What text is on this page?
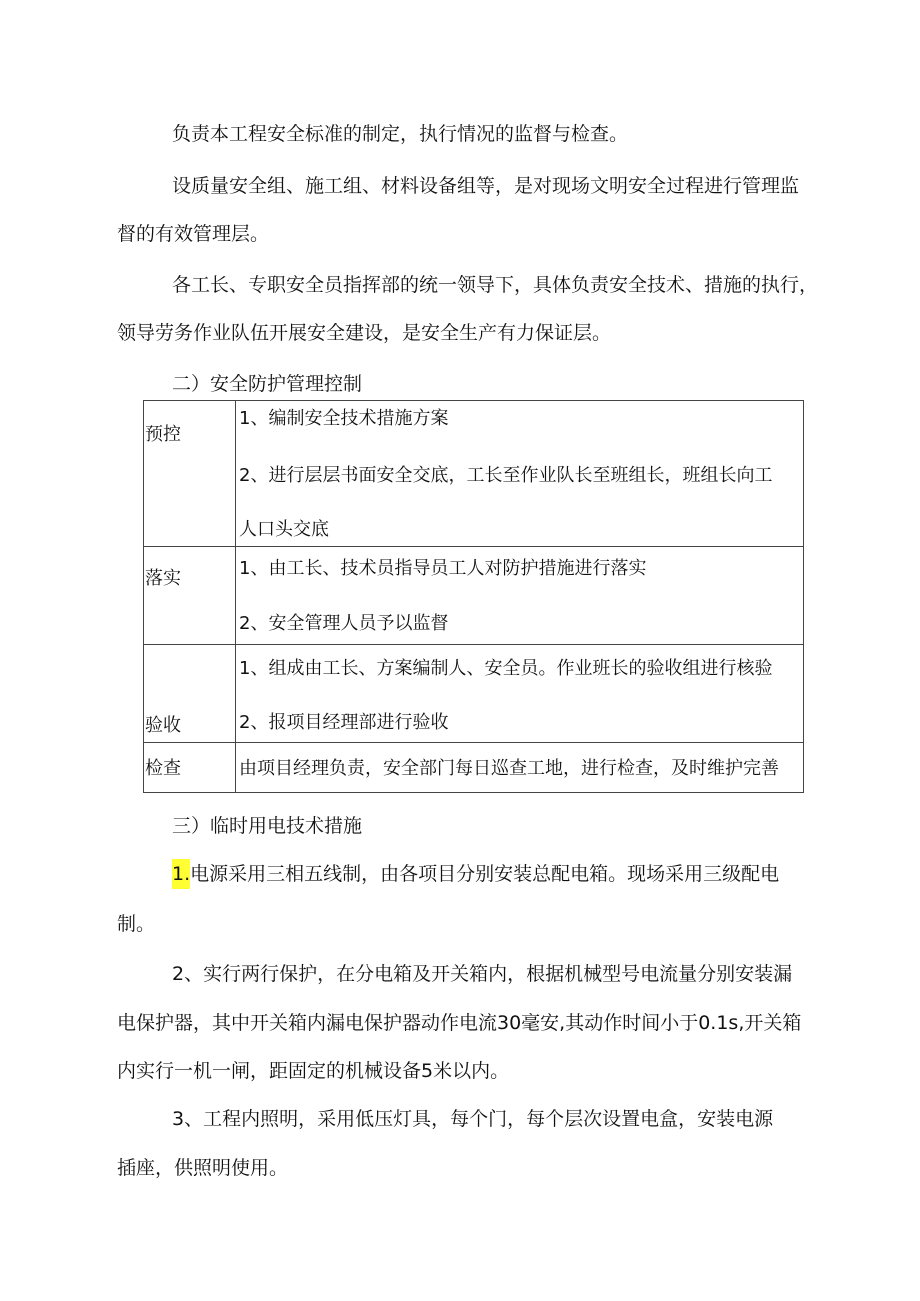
负责本工程安全标准的制定，执行情况的监督与检查。
设质量安全组、施工组、材料设备组等，是对现场文明安全过程进行管理监
督的有效管理层。
各工长、专职安全员指挥部的统一领导下，具体负责安全技术、措施的执行，
领导劳务作业队伍开展安全建设，是安全生产有力保证层。
二）安全防护管理控制
预控	1、编制安全技术措施方案
2、进行层层书面安全交底，工长至作业队长至班组长，班组长向工
人口头交底

落实	1、由工长、技术员指导员工人对防护措施进行落实
2、安全管理人员予以监督

验收	1、组成由工长、方案编制人、安全员。作业班长的验收组进行核验
2、报项目经理部进行验收

检查	由项目经理负责，安全部门每日巡查工地，进行检查，及时维护完善
三）临时用电技术措施
1.电源采用三相五线制，由各项目分别安装总配电箱。现场采用三级配电
制。
2、实行两行保护，在分电箱及开关箱内，根据机械型号电流量分别安装漏
电保护器，其中开关箱内漏电保护器动作电流30毫安,其动作时间小于0.1s,开关箱
内实行一机一闸，距固定的机械设备5米以内。
3、工程内照明，采用低压灯具，每个门，每个层次设置电盒，安装电源
插座，供照明使用。
